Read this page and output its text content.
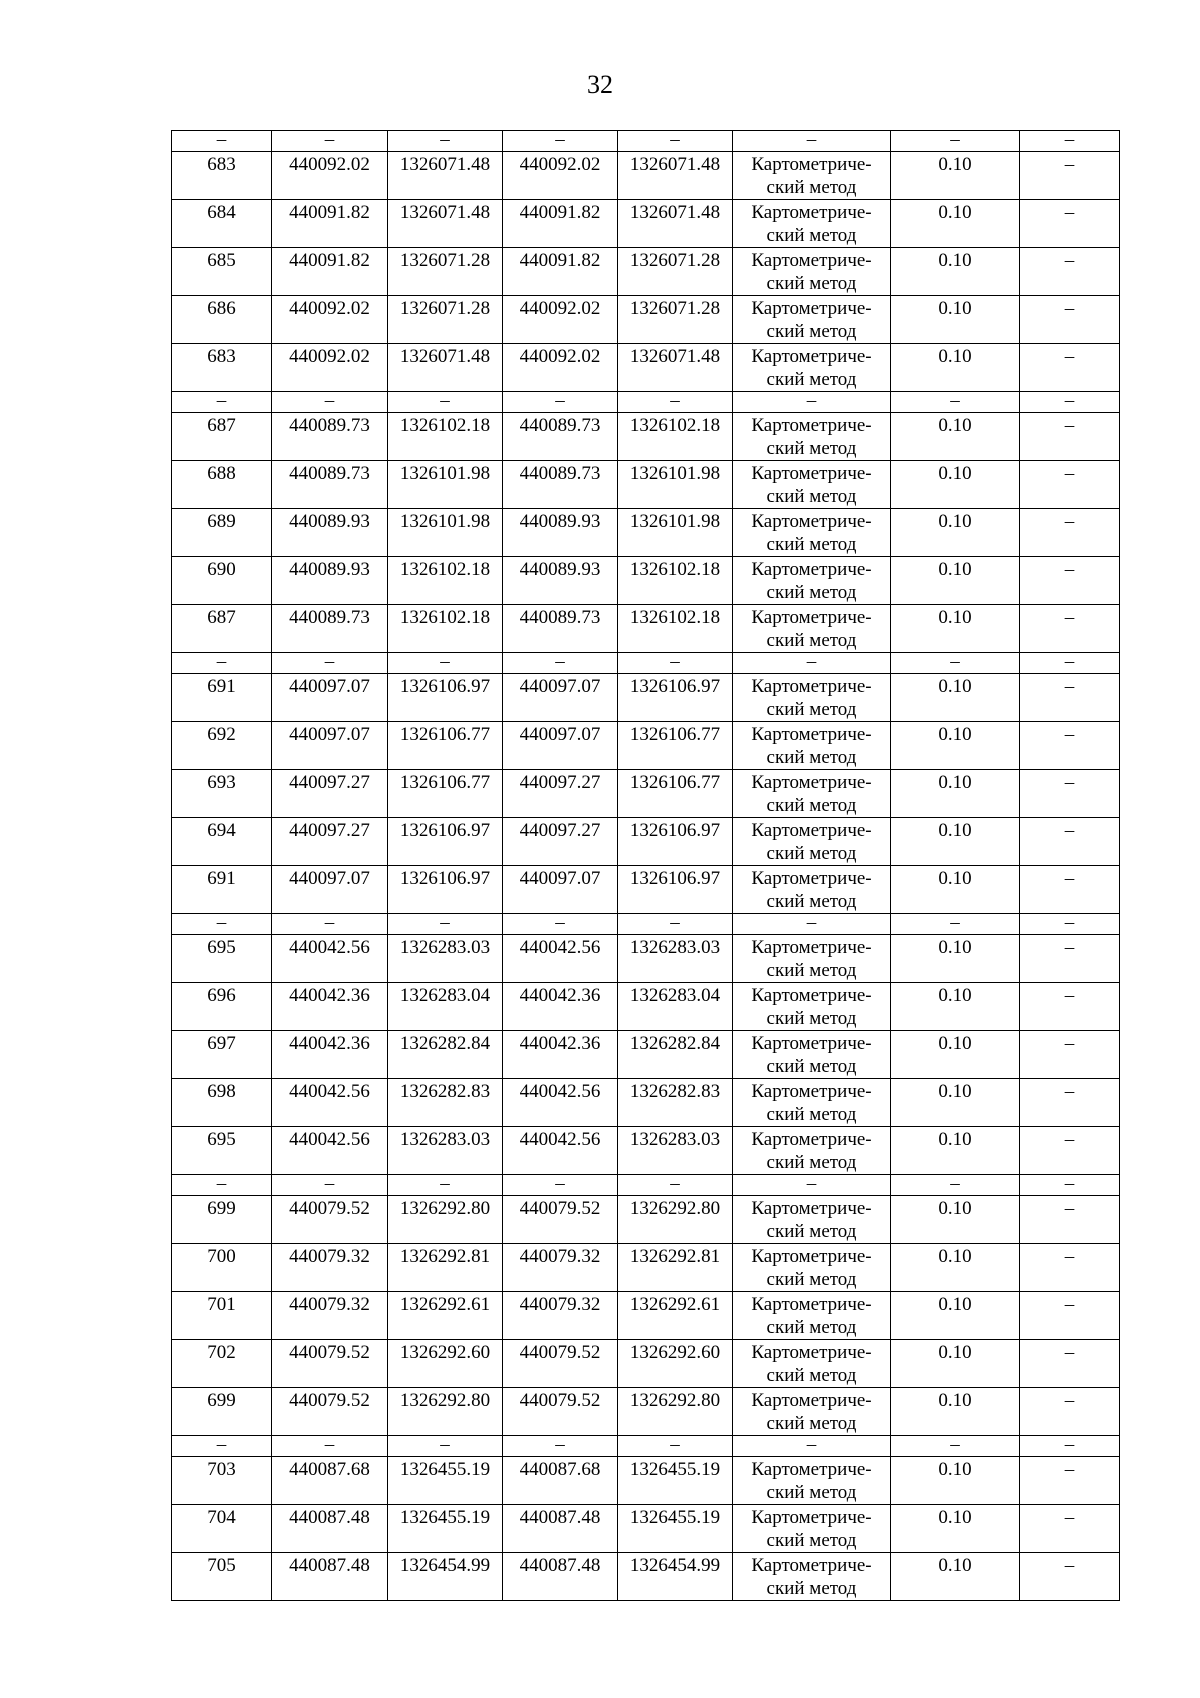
32
–	–	–	–	–	–	–	–
683	440092.02	1326071.48	440092.02	1326071.48	Картометриче-
ский метод	0.10	–
684	440091.82	1326071.48	440091.82	1326071.48	Картометриче-
ский метод	0.10	–
685	440091.82	1326071.28	440091.82	1326071.28	Картометриче-
ский метод	0.10	–
686	440092.02	1326071.28	440092.02	1326071.28	Картометриче-
ский метод	0.10	–
683	440092.02	1326071.48	440092.02	1326071.48	Картометриче-
ский метод	0.10	–
–	–	–	–	–	–	–	–
687	440089.73	1326102.18	440089.73	1326102.18	Картометриче-
ский метод	0.10	–
688	440089.73	1326101.98	440089.73	1326101.98	Картометриче-
ский метод	0.10	–
689	440089.93	1326101.98	440089.93	1326101.98	Картометриче-
ский метод	0.10	–
690	440089.93	1326102.18	440089.93	1326102.18	Картометриче-
ский метод	0.10	–
687	440089.73	1326102.18	440089.73	1326102.18	Картометриче-
ский метод	0.10	–
–	–	–	–	–	–	–	–
691	440097.07	1326106.97	440097.07	1326106.97	Картометриче-
ский метод	0.10	–
692	440097.07	1326106.77	440097.07	1326106.77	Картометриче-
ский метод	0.10	–
693	440097.27	1326106.77	440097.27	1326106.77	Картометриче-
ский метод	0.10	–
694	440097.27	1326106.97	440097.27	1326106.97	Картометриче-
ский метод	0.10	–
691	440097.07	1326106.97	440097.07	1326106.97	Картометриче-
ский метод	0.10	–
–	–	–	–	–	–	–	–
695	440042.56	1326283.03	440042.56	1326283.03	Картометриче-
ский метод	0.10	–
696	440042.36	1326283.04	440042.36	1326283.04	Картометриче-
ский метод	0.10	–
697	440042.36	1326282.84	440042.36	1326282.84	Картометриче-
ский метод	0.10	–
698	440042.56	1326282.83	440042.56	1326282.83	Картометриче-
ский метод	0.10	–
695	440042.56	1326283.03	440042.56	1326283.03	Картометриче-
ский метод	0.10	–
–	–	–	–	–	–	–	–
699	440079.52	1326292.80	440079.52	1326292.80	Картометриче-
ский метод	0.10	–
700	440079.32	1326292.81	440079.32	1326292.81	Картометриче-
ский метод	0.10	–
701	440079.32	1326292.61	440079.32	1326292.61	Картометриче-
ский метод	0.10	–
702	440079.52	1326292.60	440079.52	1326292.60	Картометриче-
ский метод	0.10	–
699	440079.52	1326292.80	440079.52	1326292.80	Картометриче-
ский метод	0.10	–
–	–	–	–	–	–	–	–
703	440087.68	1326455.19	440087.68	1326455.19	Картометриче-
ский метод	0.10	–
704	440087.48	1326455.19	440087.48	1326455.19	Картометриче-
ский метод	0.10	–
705	440087.48	1326454.99	440087.48	1326454.99	Картометриче-
ский метод	0.10	–
